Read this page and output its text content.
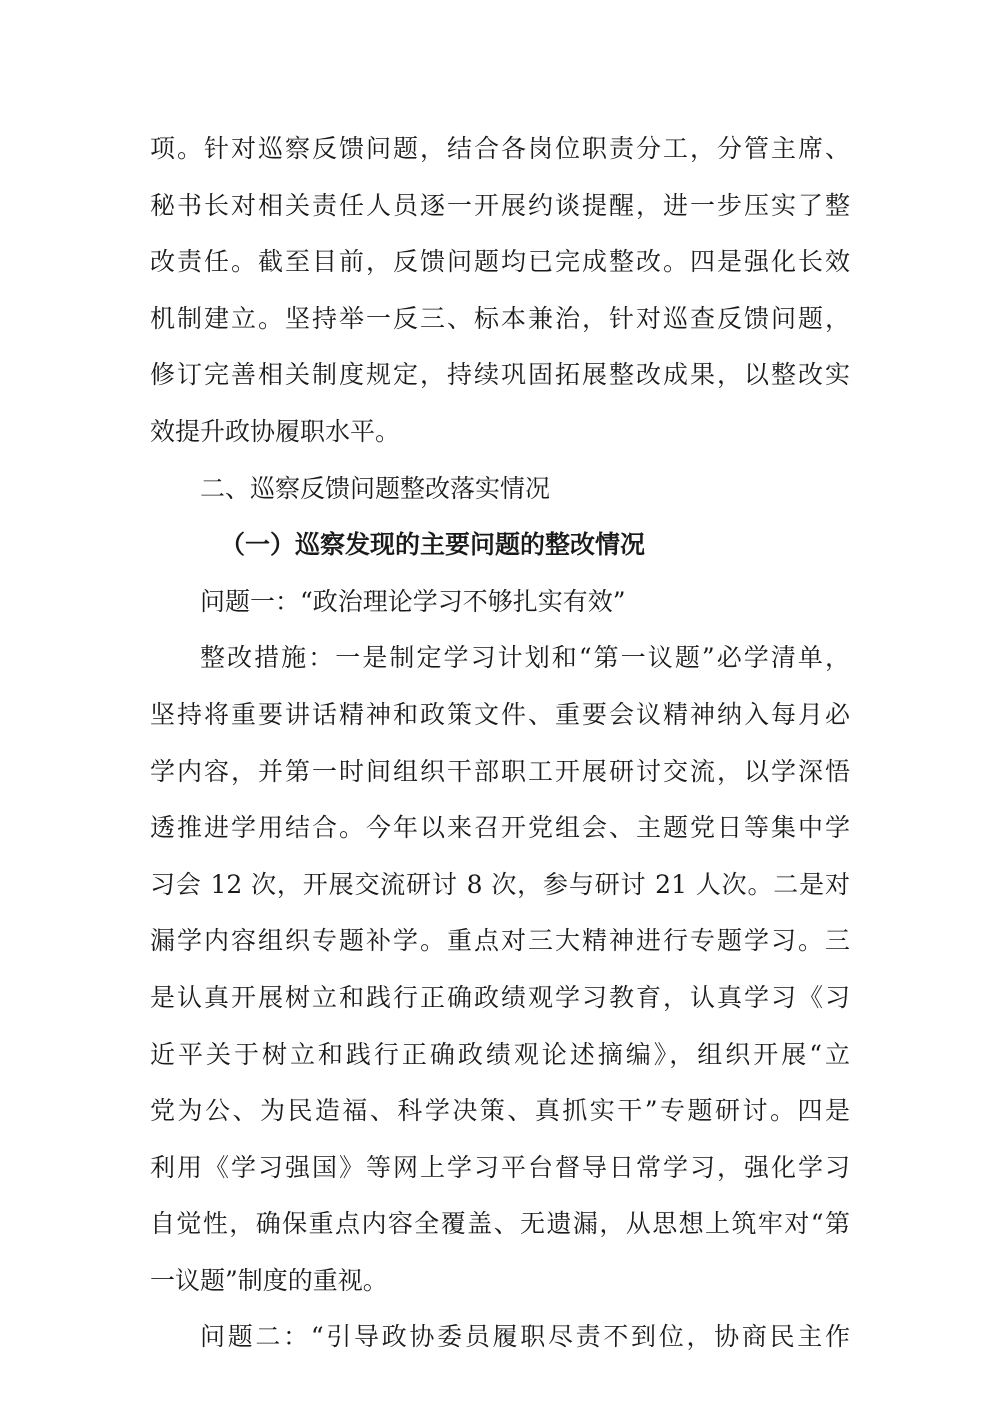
项。针对巡察反馈问题，结合各岗位职责分工，分管主席、
秘书长对相关责任人员逐一开展约谈提醒，进一步压实了整
改责任。截至目前，反馈问题均已完成整改。四是强化长效
机制建立。坚持举一反三、标本兼治，针对巡查反馈问题，
修订完善相关制度规定，持续巩固拓展整改成果，以整改实
效提升政协履职水平。
二、巡察反馈问题整改落实情况
（一）巡察发现的主要问题的整改情况
问题一：“政治理论学习不够扎实有效”
整改措施：一是制定学习计划和“第一议题”必学清单，
坚持将重要讲话精神和政策文件、重要会议精神纳入每月必
学内容，并第一时间组织干部职工开展研讨交流，以学深悟
透推进学用结合。今年以来召开党组会、主题党日等集中学
习会 12 次，开展交流研讨 8 次，参与研讨 21 人次。二是对
漏学内容组织专题补学。重点对三大精神进行专题学习。三
是认真开展树立和践行正确政绩观学习教育，认真学习《习
近平关于树立和践行正确政绩观论述摘编》，组织开展“立
党为公、为民造福、科学决策、真抓实干”专题研讨。四是
利用《学习强国》等网上学习平台督导日常学习，强化学习
自觉性，确保重点内容全覆盖、无遗漏，从思想上筑牢对“第
一议题”制度的重视。
问题二：“引导政协委员履职尽责不到位，协商民主作
